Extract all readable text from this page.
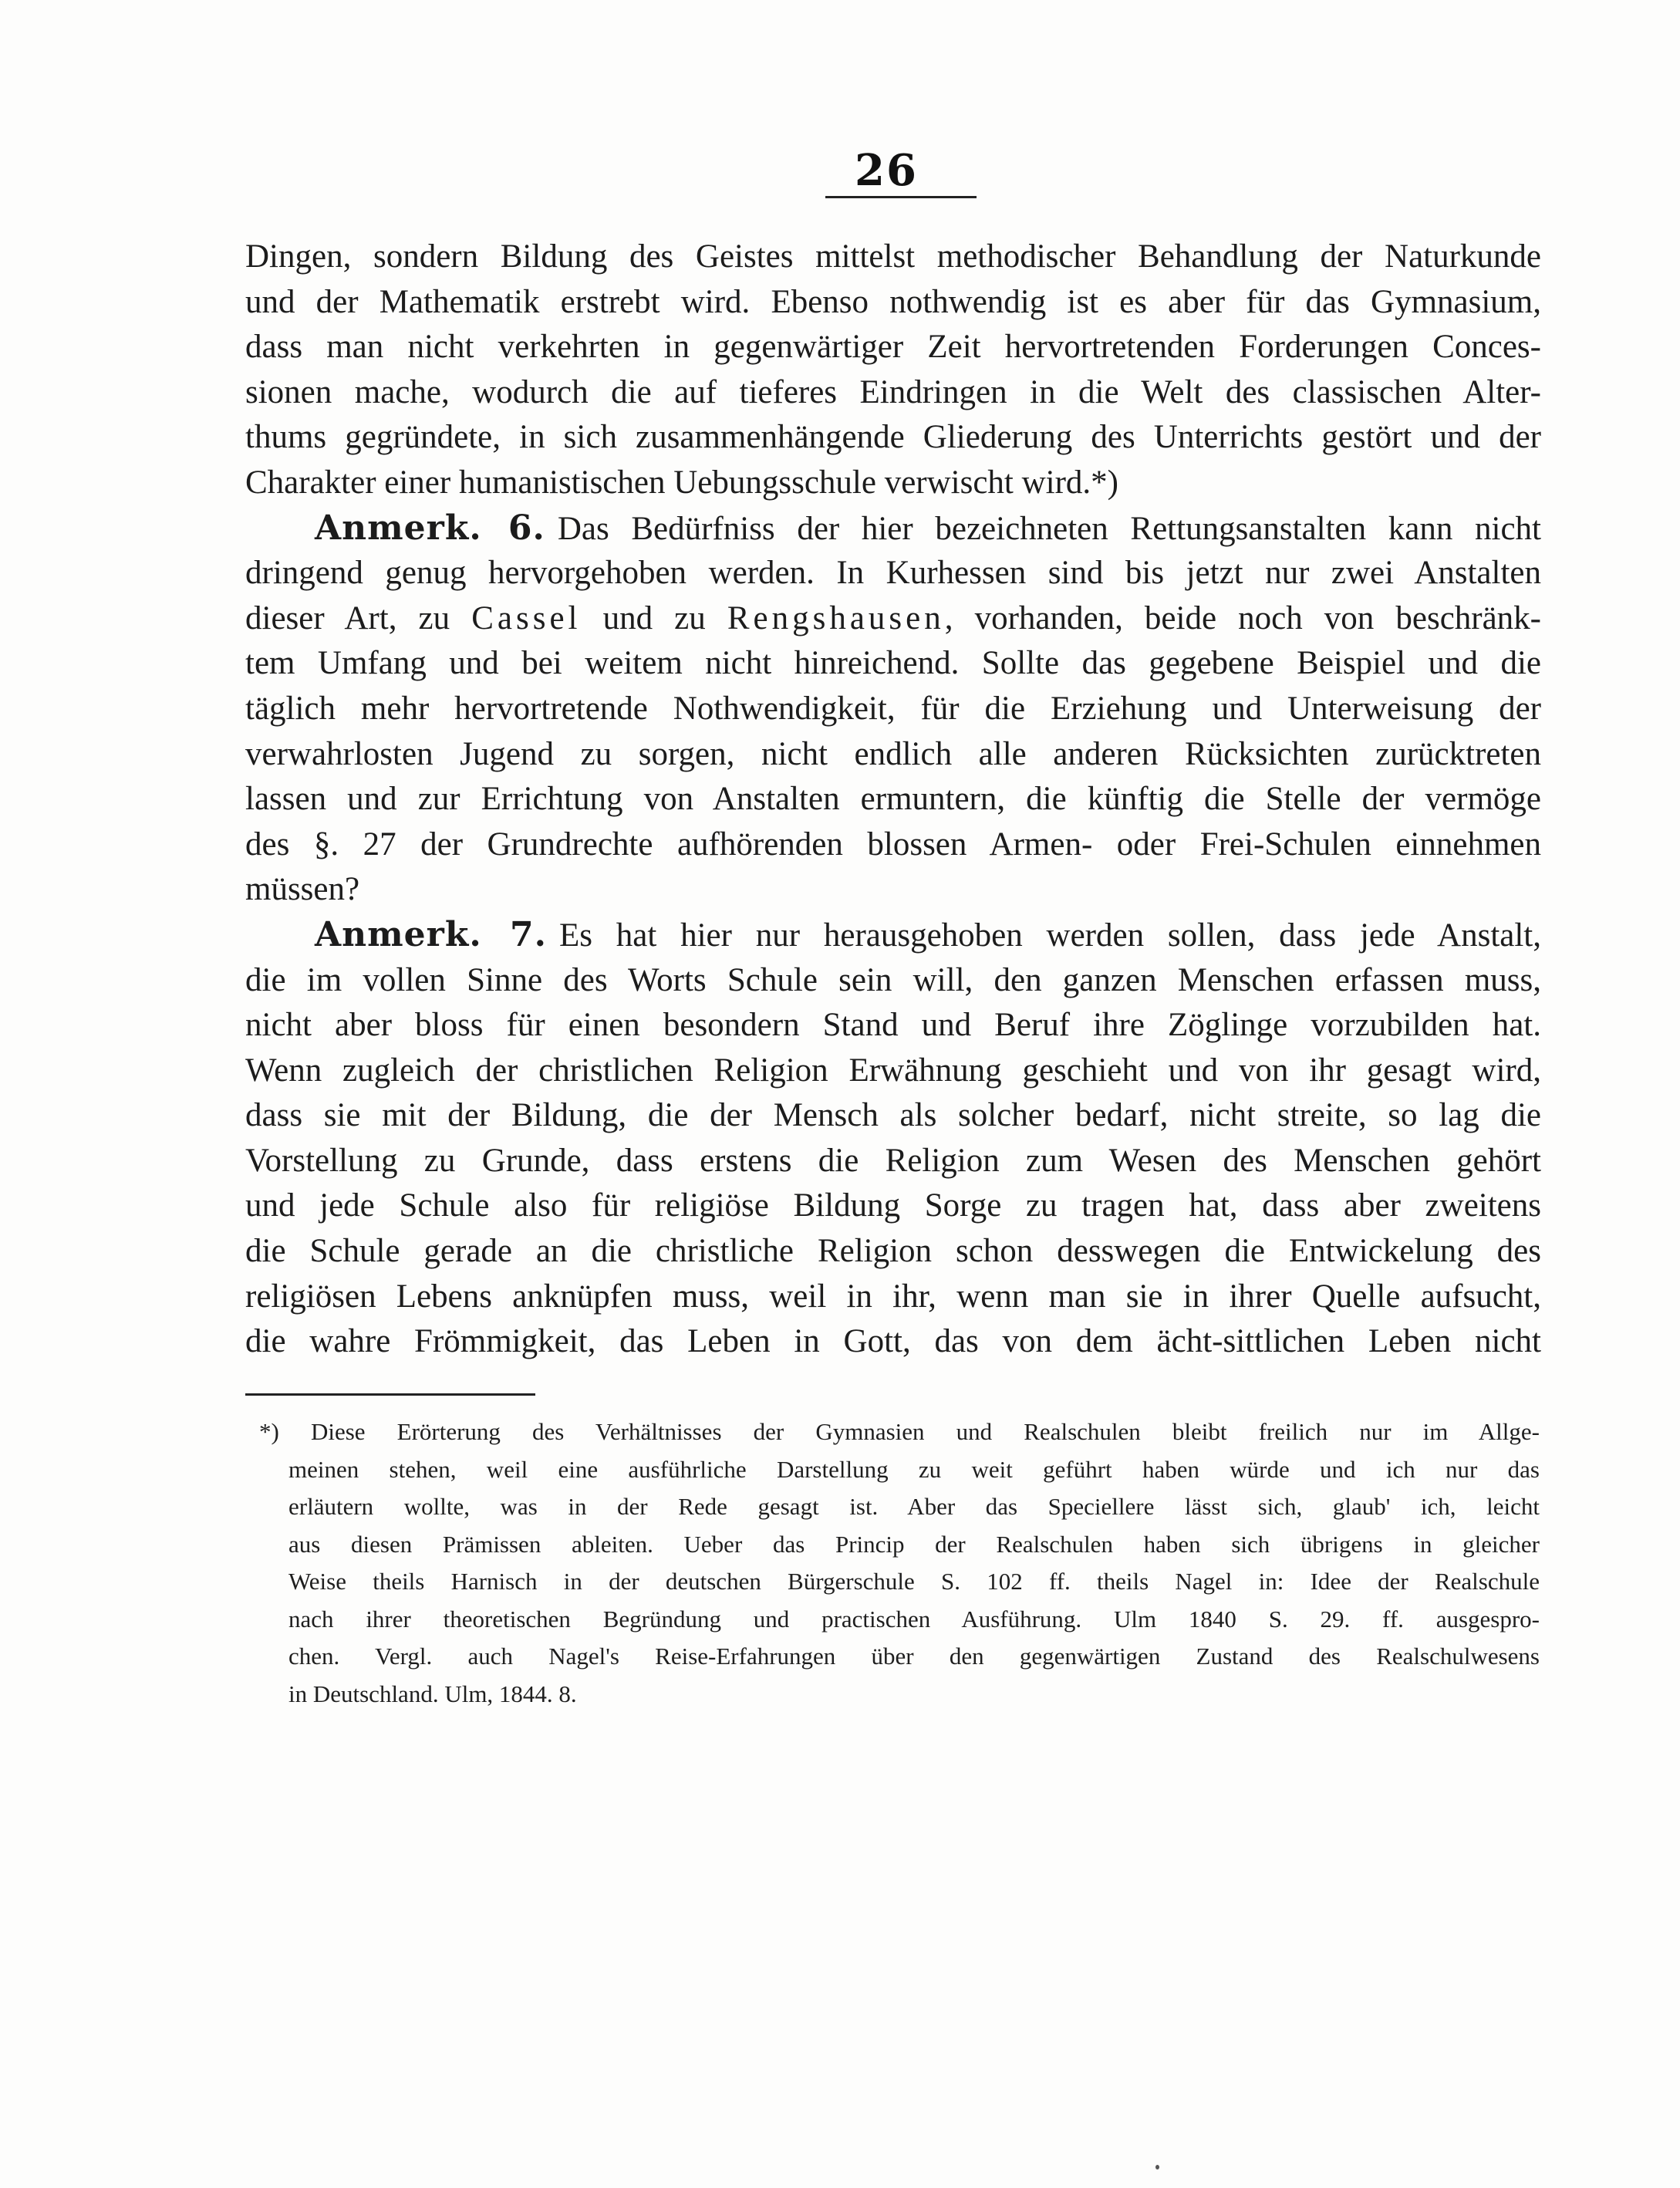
26
Dingen, sondern Bildung des Geistes mittelst methodischer Behandlung der Naturkunde
und der Mathematik erstrebt wird. Ebenso nothwendig ist es aber für das Gymnasium,
dass man nicht verkehrten in gegenwärtiger Zeit hervortretenden Forderungen Conces-
sionen mache, wodurch die auf tieferes Eindringen in die Welt des classischen Alter-
thums gegründete, in sich zusammenhängende Gliederung des Unterrichts gestört und der
Charakter einer humanistischen Uebungsschule verwischt wird.*)
Anmerk. 6. Das Bedürfniss der hier bezeichneten Rettungsanstalten kann nicht
dringend genug hervorgehoben werden. In Kurhessen sind bis jetzt nur zwei Anstalten
dieser Art, zu Cassel und zu Rengshausen, vorhanden, beide noch von beschränk-
tem Umfang und bei weitem nicht hinreichend. Sollte das gegebene Beispiel und die
täglich mehr hervortretende Nothwendigkeit, für die Erziehung und Unterweisung der
verwahrlosten Jugend zu sorgen, nicht endlich alle anderen Rücksichten zurücktreten
lassen und zur Errichtung von Anstalten ermuntern, die künftig die Stelle der vermöge
des §. 27 der Grundrechte aufhörenden blossen Armen- oder Frei-Schulen einnehmen
müssen?
Anmerk. 7. Es hat hier nur herausgehoben werden sollen, dass jede Anstalt,
die im vollen Sinne des Worts Schule sein will, den ganzen Menschen erfassen muss,
nicht aber bloss für einen besondern Stand und Beruf ihre Zöglinge vorzubilden hat.
Wenn zugleich der christlichen Religion Erwähnung geschieht und von ihr gesagt wird,
dass sie mit der Bildung, die der Mensch als solcher bedarf, nicht streite, so lag die
Vorstellung zu Grunde, dass erstens die Religion zum Wesen des Menschen gehört
und jede Schule also für religiöse Bildung Sorge zu tragen hat, dass aber zweitens
die Schule gerade an die christliche Religion schon desswegen die Entwickelung des
religiösen Lebens anknüpfen muss, weil in ihr, wenn man sie in ihrer Quelle aufsucht,
die wahre Frömmigkeit, das Leben in Gott, das von dem ächt-sittlichen Leben nicht
*) Diese Erörterung des Verhältnisses der Gymnasien und Realschulen bleibt freilich nur im Allge-
meinen stehen, weil eine ausführliche Darstellung zu weit geführt haben würde und ich nur das
erläutern wollte, was in der Rede gesagt ist. Aber das Speciellere lässt sich, glaub' ich, leicht
aus diesen Prämissen ableiten. Ueber das Princip der Realschulen haben sich übrigens in gleicher
Weise theils Harnisch in der deutschen Bürgerschule S. 102 ff. theils Nagel in: Idee der Realschule
nach ihrer theoretischen Begründung und practischen Ausführung. Ulm 1840 S. 29. ff. ausgespro-
chen. Vergl. auch Nagel's Reise-Erfahrungen über den gegenwärtigen Zustand des Realschulwesens
in Deutschland. Ulm, 1844. 8.
